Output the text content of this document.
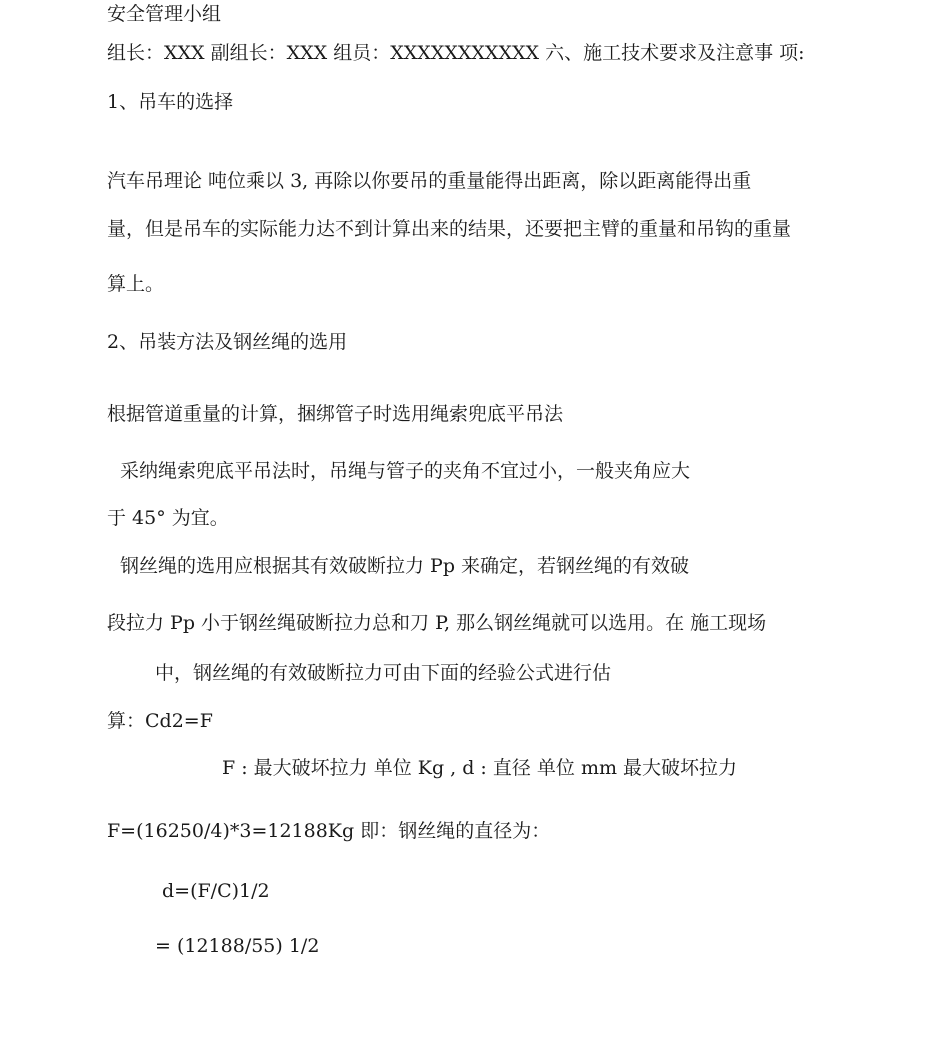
安全管理小组
组长：XXX 副组长：XXX 组员：XXXXXXXXXXX 六、施工技术要求及注意事 项:
1、吊车的选择
汽车吊理论 吨位乘以 3, 再除以你要吊的重量能得出距离，除以距离能得出重
量，但是吊车的实际能力达不到计算出来的结果，还要把主臂的重量和吊钩的重量
算上。
2、吊装方法及钢丝绳的选用
根据管道重量的计算，捆绑管子时选用绳索兜底平吊法
采纳绳索兜底平吊法时，吊绳与管子的夹角不宜过小，一般夹角应大
于 45° 为宜。
钢丝绳的选用应根据其有效破断拉力 Pp 来确定，若钢丝绳的有效破
段拉力 Pp 小于钢丝绳破断拉力总和刀 P, 那么钢丝绳就可以选用。在 施工现场
中，钢丝绳的有效破断拉力可由下面的经验公式进行估
算：Cd2=F
F : 最大破坏拉力 单位 Kg , d : 直径 单位 mm 最大破坏拉力
F=(16250/4)*3=12188Kg 即：钢丝绳的直径为：
d=(F/C)1/2
= (12188/55) 1/2
